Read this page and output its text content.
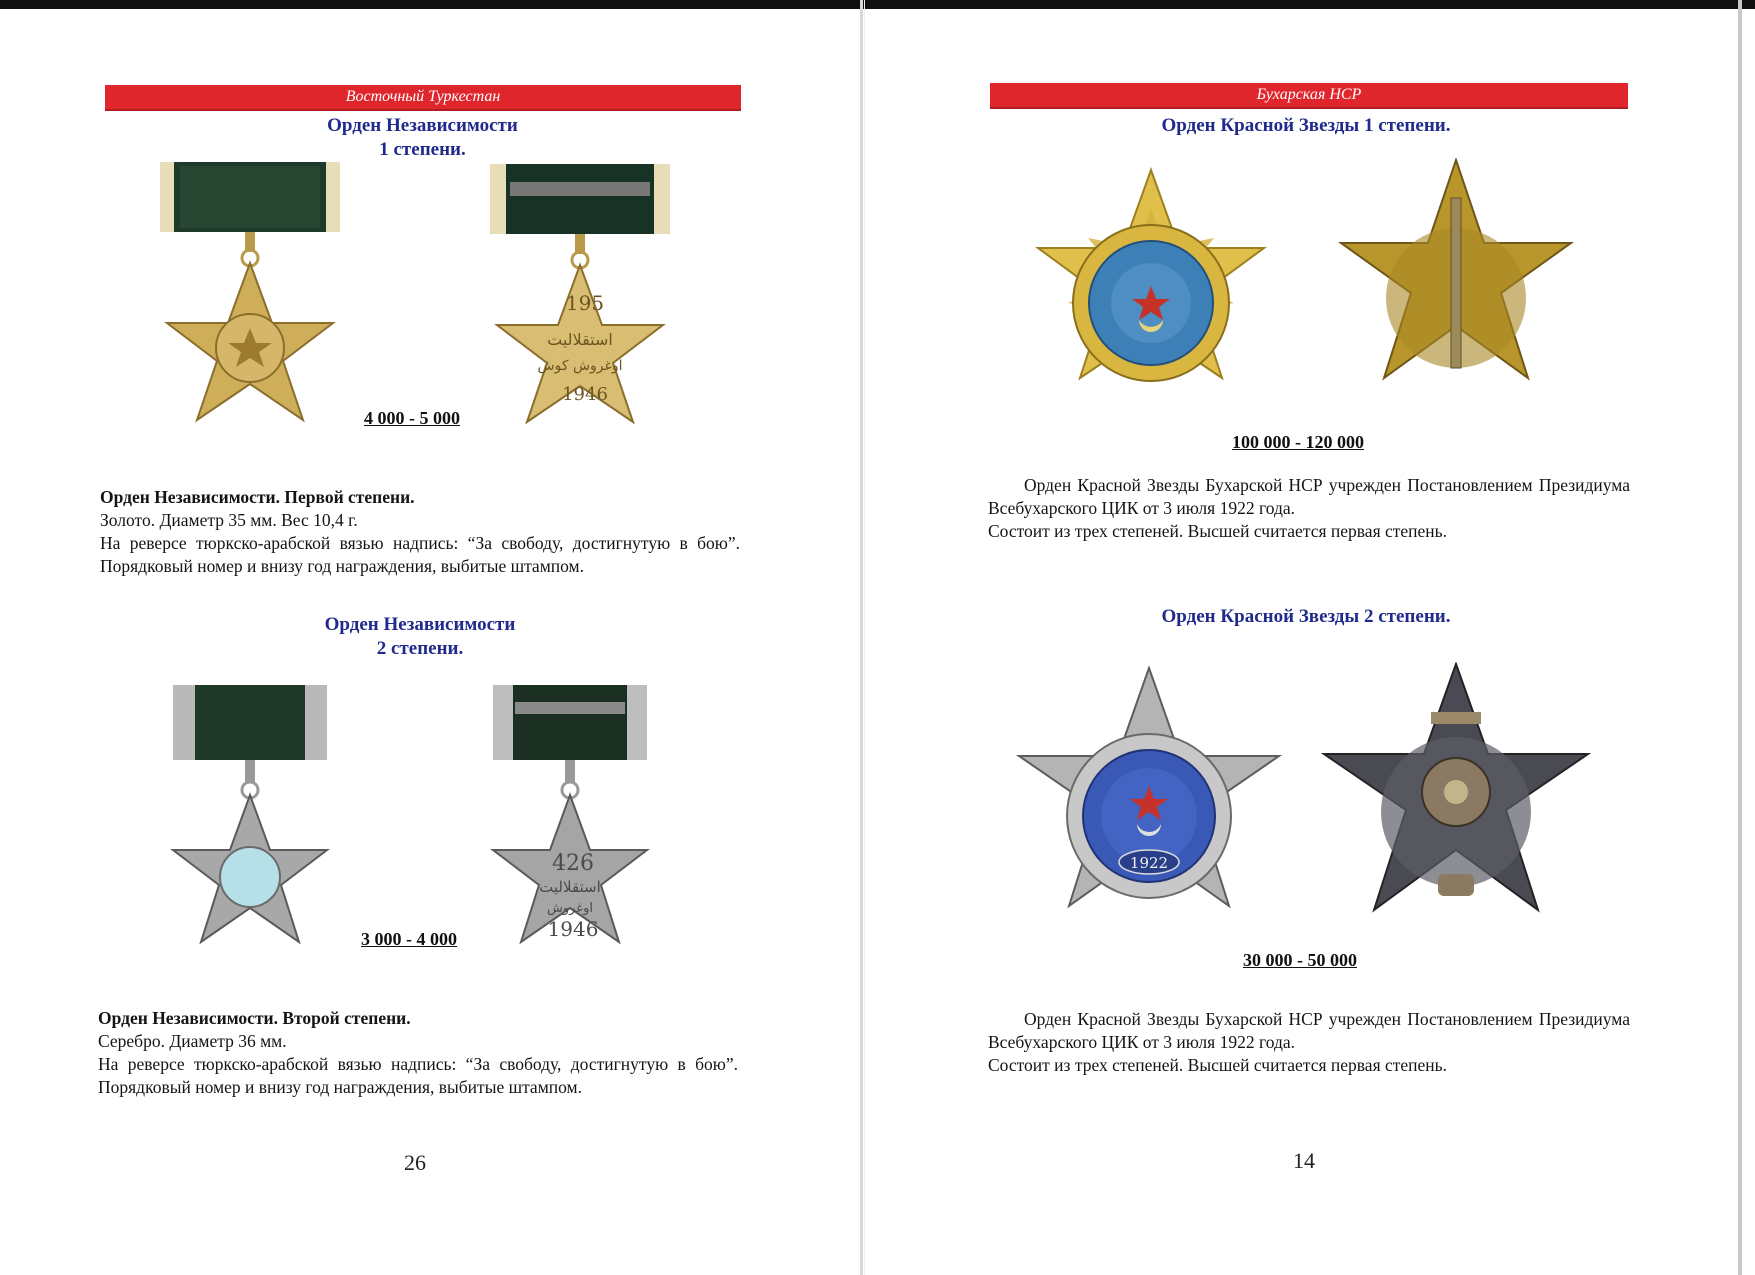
Восточный Туркестан
Орден Независимости
1 степени.
195
استقلاليت
اوغروش كوش
1946
4 000 - 5 000
Орден Независимости. Первой степени.
Золото. Диаметр 35 мм. Вес 10,4 г.
На реверсе тюркско-арабской вязью надпись: “За свободу, достигнутую в бою”. Порядковый номер и внизу год награждения, выбитые штампом.
Орден Независимости
2 степени.
426
استقلاليت
اوغروش
1946
3 000 - 4 000
Орден Независимости. Второй степени.
Серебро. Диаметр 36 мм.
На реверсе тюркско-арабской вязью надпись: “За свободу, достигнутую в бою”. Порядковый номер и внизу год награждения, выбитые штампом.
26
Бухарская НСР
Орден Красной Звезды 1 степени.
100 000 - 120 000
Орден Красной Звезды Бухарской НСР учрежден Постановлением Президиума Всебухарского ЦИК от 3 июля 1922 года.
Состоит из трех степеней. Высшей считается первая степень.
Орден Красной Звезды 2 степени.
1922
30 000 - 50 000
Орден Красной Звезды Бухарской НСР учрежден Постановлением Президиума Всебухарского ЦИК от 3 июля 1922 года.
Состоит из трех степеней. Высшей считается первая степень.
14
